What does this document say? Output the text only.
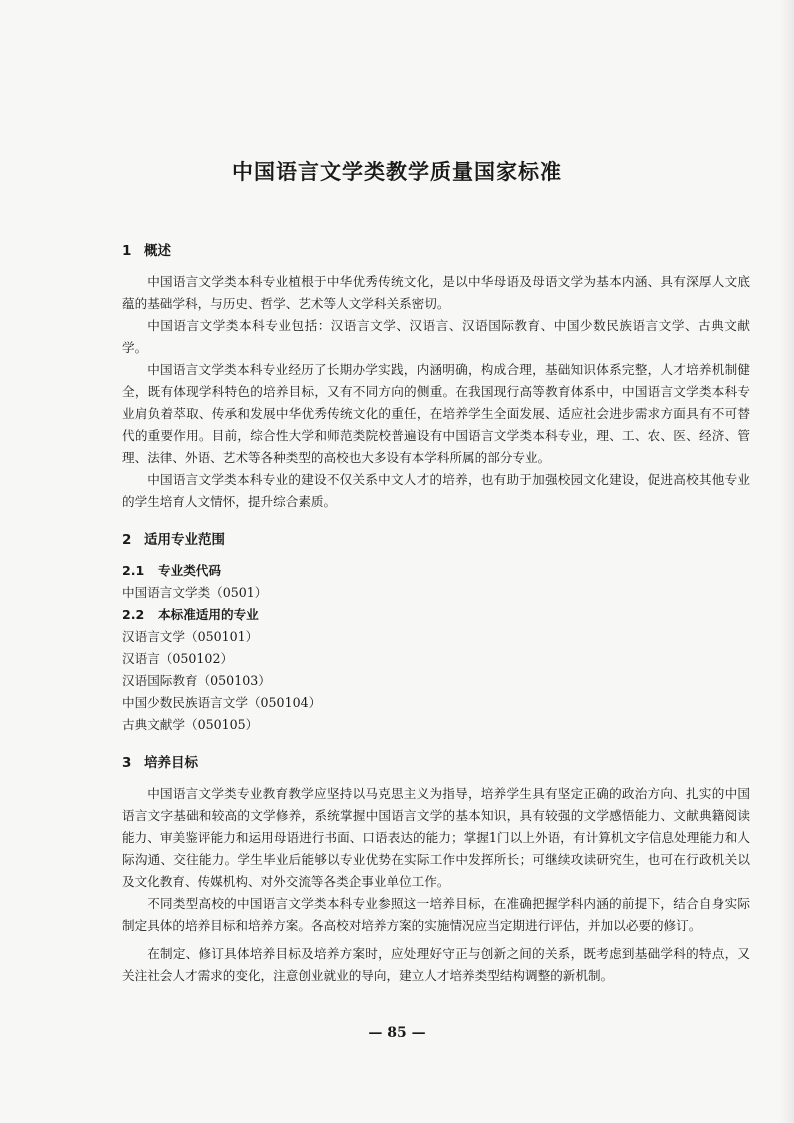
中国语言文学类教学质量国家标准
1 概述

中国语言文学类本科专业植根于中华优秀传统文化，是以中华母语及母语文学为基本内涵、具有深厚人文底蕴的基础学科，与历史、哲学、艺术等人文学科关系密切。

中国语言文学类本科专业包括：汉语言文学、汉语言、汉语国际教育、中国少数民族语言文学、古典文献学。

中国语言文学类本科专业经历了长期办学实践，内涵明确，构成合理，基础知识体系完整，人才培养机制健全，既有体现学科特色的培养目标，又有不同方向的侧重。在我国现行高等教育体系中，中国语言文学类本科专业肩负着萃取、传承和发展中华优秀传统文化的重任，在培养学生全面发展、适应社会进步需求方面具有不可替代的重要作用。目前，综合性大学和师范类院校普遍设有中国语言文学类本科专业，理、工、农、医、经济、管理、法律、外语、艺术等各种类型的高校也大多设有本学科所属的部分专业。

中国语言文学类本科专业的建设不仅关系中文人才的培养，也有助于加强校园文化建设，促进高校其他专业的学生培育人文情怀，提升综合素质。

2 适用专业范围
2.1 专业类代码

中国语言文学类（0501）

2.2 本标准适用的专业

汉语言文学（050101）

汉语言（050102）

汉语国际教育（050103）

中国少数民族语言文学（050104）

古典文献学（050105）

3 培养目标

中国语言文学类专业教育教学应坚持以马克思主义为指导，培养学生具有坚定正确的政治方向、扎实的中国语言文字基础和较高的文学修养，系统掌握中国语言文学的基本知识，具有较强的文学感悟能力、文献典籍阅读能力、审美鉴评能力和运用母语进行书面、口语表达的能力；掌握1门以上外语，有计算机文字信息处理能力和人际沟通、交往能力。学生毕业后能够以专业优势在实际工作中发挥所长；可继续攻读研究生，也可在行政机关以及文化教育、传媒机构、对外交流等各类企事业单位工作。

不同类型高校的中国语言文学类本科专业参照这一培养目标，在准确把握学科内涵的前提下，结合自身实际制定具体的培养目标和培养方案。各高校对培养方案的实施情况应当定期进行评估，并加以必要的修订。

在制定、修订具体培养目标及培养方案时，应处理好守正与创新之间的关系，既考虑到基础学科的特点，又关注社会人才需求的变化，注意创业就业的导向，建立人才培养类型结构调整的新机制。

— 85 —
